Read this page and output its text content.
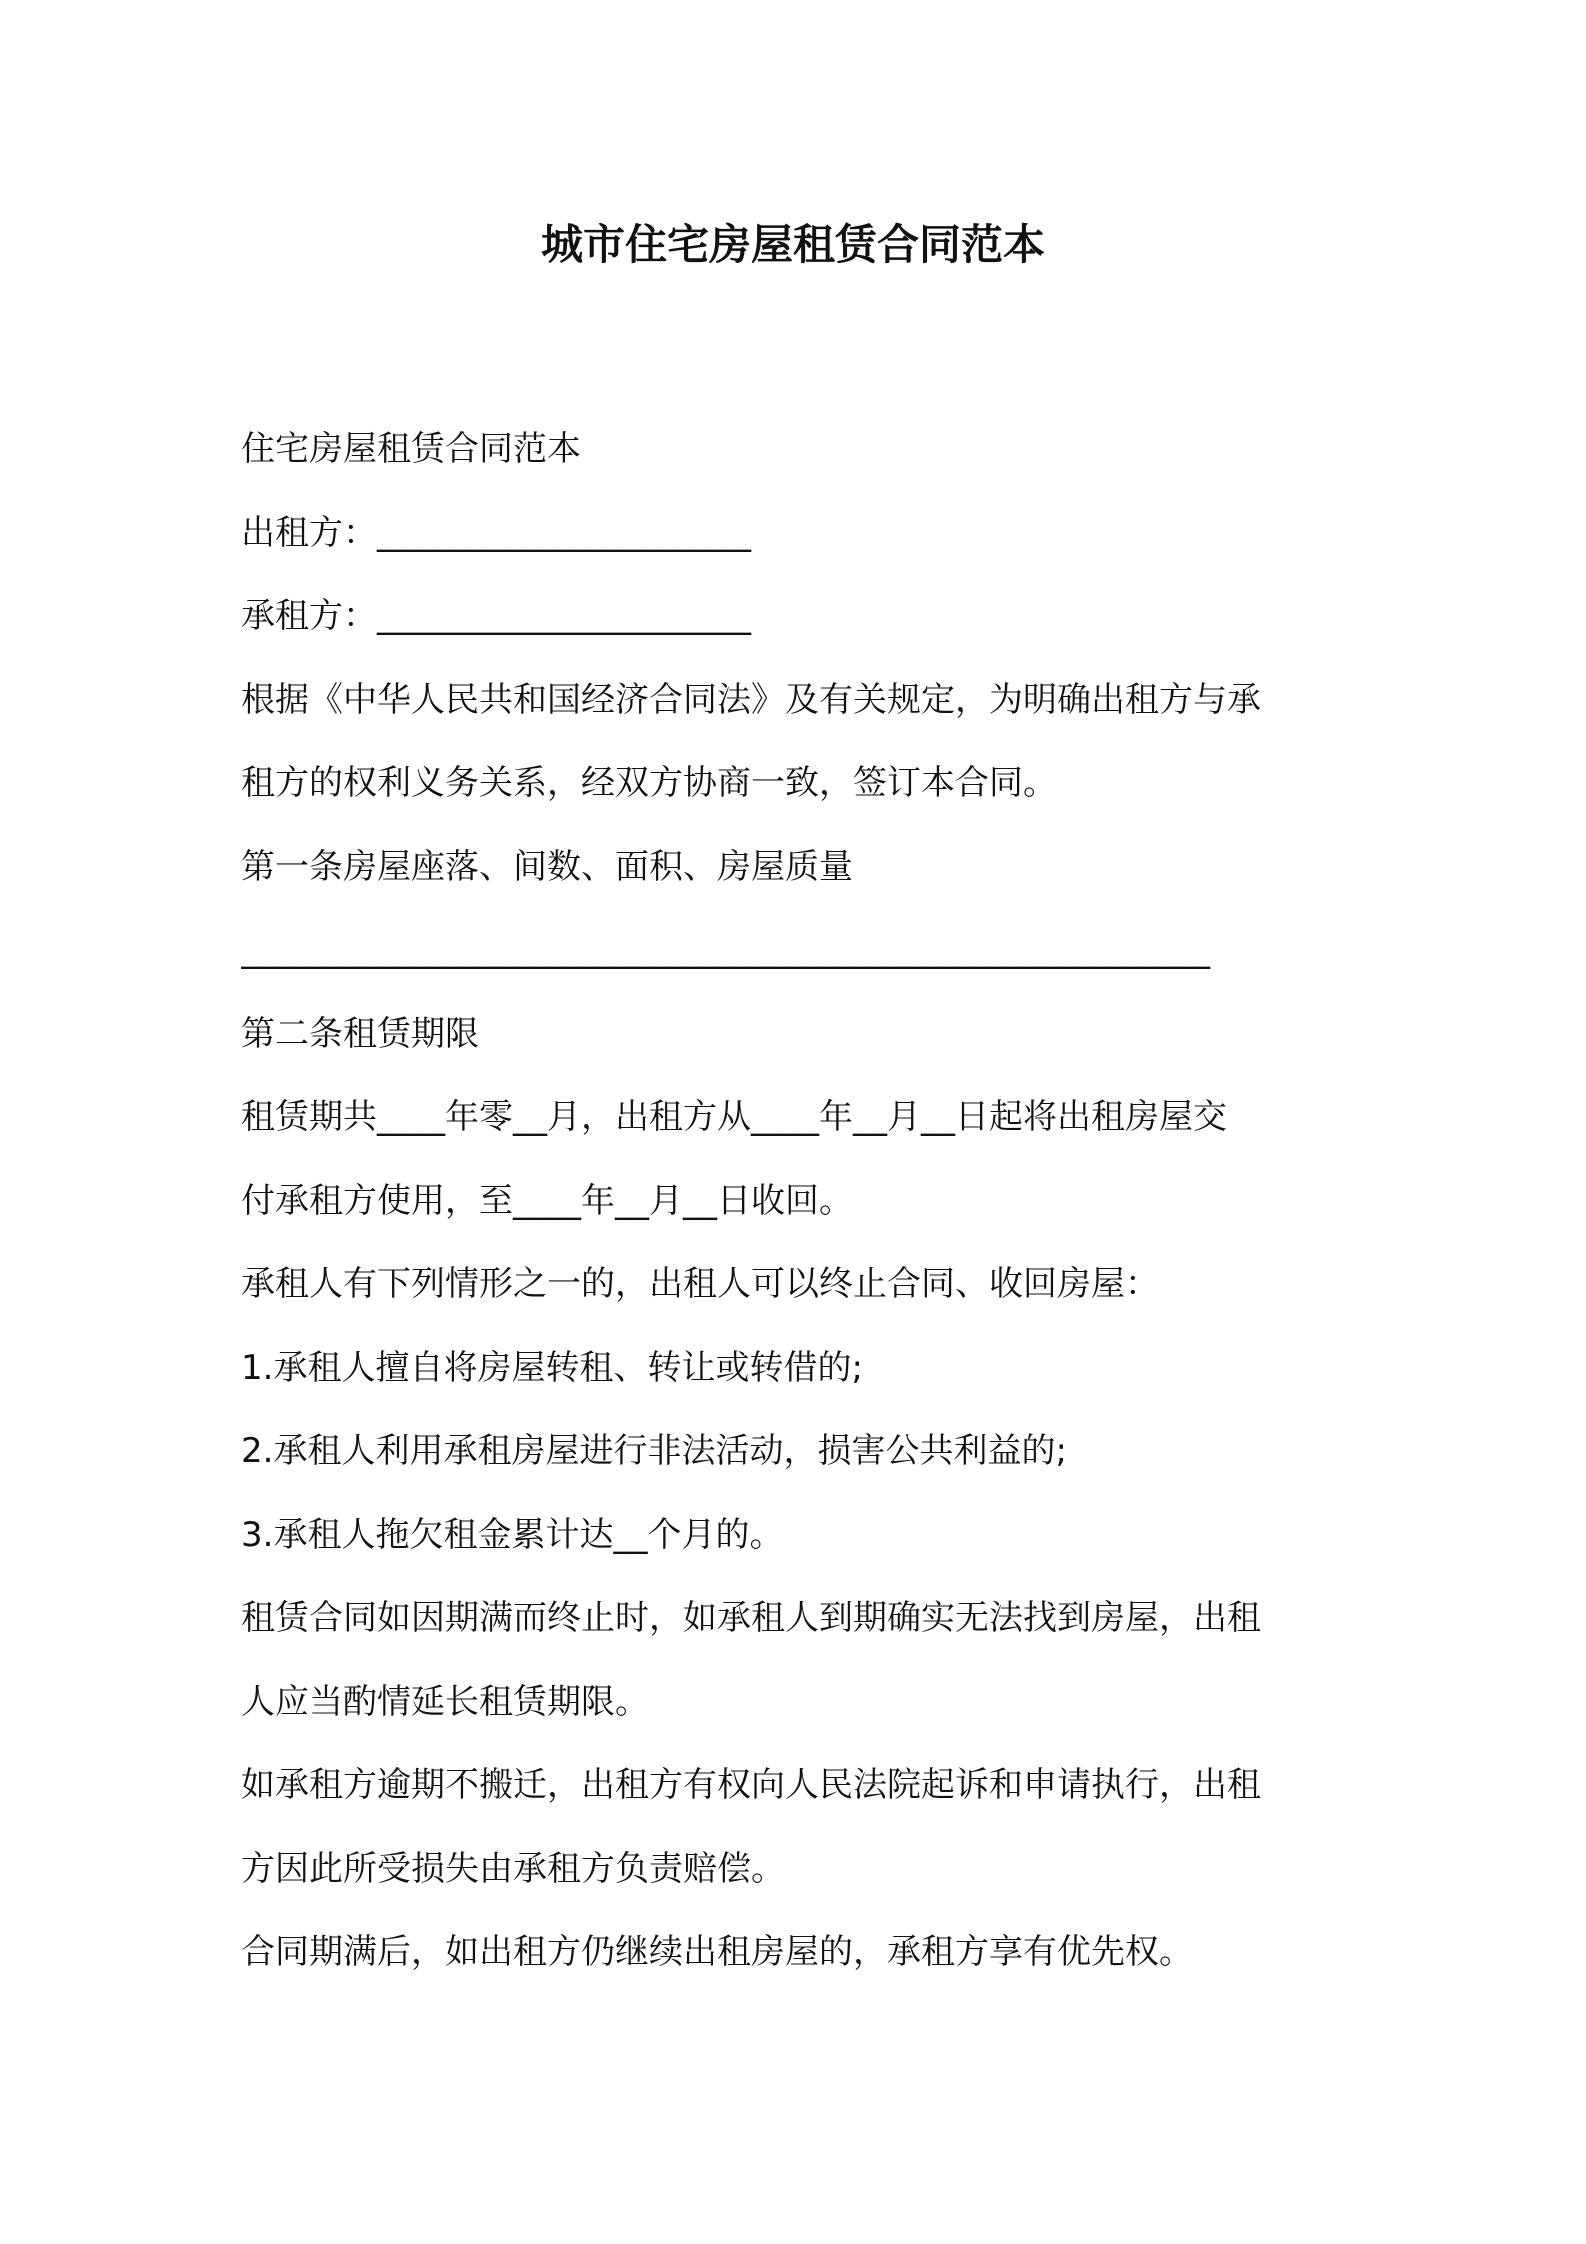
城市住宅房屋租赁合同范本
住宅房屋租赁合同范本
出租方：______________________
承租方：______________________
根据《中华人民共和国经济合同法》及有关规定，为明确出租方与承
租方的权利义务关系，经双方协商一致，签订本合同。
第一条房屋座落、间数、面积、房屋质量
_________________________________________________________
第二条租赁期限
租赁期共____年零__月，出租方从____年__月__日起将出租房屋交
付承租方使用，至____年__月__日收回。
承租人有下列情形之一的，出租人可以终止合同、收回房屋：
1.承租人擅自将房屋转租、转让或转借的;
2.承租人利用承租房屋进行非法活动，损害公共利益的;
3.承租人拖欠租金累计达__个月的。
租赁合同如因期满而终止时，如承租人到期确实无法找到房屋，出租
人应当酌情延长租赁期限。
如承租方逾期不搬迁，出租方有权向人民法院起诉和申请执行，出租
方因此所受损失由承租方负责赔偿。
合同期满后，如出租方仍继续出租房屋的，承租方享有优先权。
